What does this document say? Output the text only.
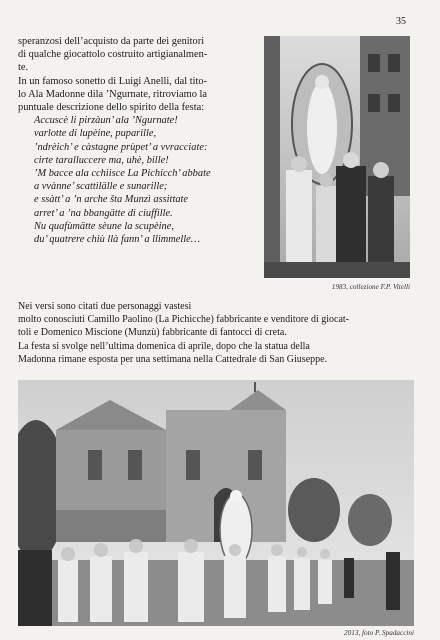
35

speranzosi dell’acquisto da parte dei genitori

di qualche giocattolo costruito artigianalmen-

te.

In un famoso sonetto di Luigi Anelli, dal tito-

lo Ala Madonne dila ’Ngurnate, ritroviamo la

puntuale descrizione dello spirito della festa:

Accuscè li pirzàun’ ala ’Ngurnate!
varlotte di lupèine, puparille,
’ndrèich’ e càstagne prùpet’ a vvracciate:
cirte taralluccere ma, uhè, bille!
’M bacce ala cchìisce La Pichicch’ abbate
a vvànne’ scattìlälle e sunarille;
e ssàtt’ a ’n arche šta Munzì assittate
arret’ a ’na bbangätte di ciuffille.
Nu quafùmätte sèune la scupèine,
du’ quatrere chiù llà fann’ a llimmelle…
1983, collezione F.P. Vitelli

Nei versi sono citati due personaggi vastesi

molto conosciuti Camillo Paolino (La Pichicche) fabbricante e venditore di giocat-

toli e Domenico Miscione (Munzù) fabbricante di fantocci di creta.

La festa si svolge nell’ultima domenica di aprile, dopo che la statua della

Madonna rimane esposta per una settimana nella Cattedrale di San Giuseppe.

2013, foto P. Spadaccini
